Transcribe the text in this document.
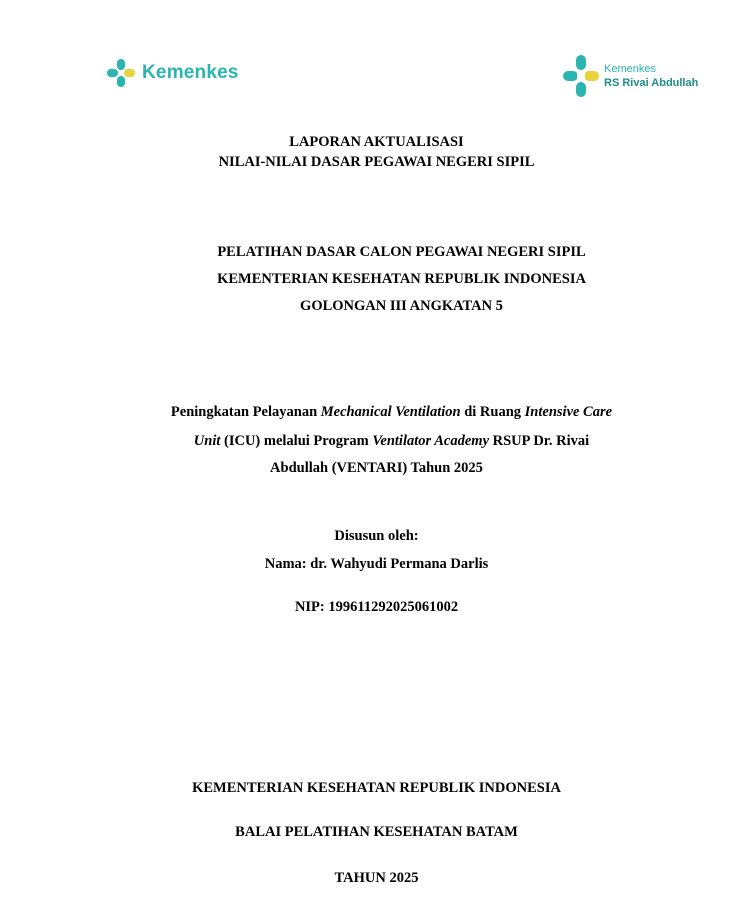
Kemenkes	Kemenkes
RS Rivai Abdullah
LAPORAN AKTUALISASI
NILAI-NILAI DASAR PEGAWAI NEGERI SIPIL
PELATIHAN DASAR CALON PEGAWAI NEGERI SIPIL
KEMENTERIAN KESEHATAN REPUBLIK INDONESIA
GOLONGAN III ANGKATAN 5
Peningkatan Pelayanan Mechanical Ventilation di Ruang Intensive Care
Unit (ICU) melalui Program Ventilator Academy RSUP Dr. Rivai
Abdullah (VENTARI) Tahun 2025
Disusun oleh:
Nama: dr. Wahyudi Permana Darlis
NIP: 199611292025061002
KEMENTERIAN KESEHATAN REPUBLIK INDONESIA
BALAI PELATIHAN KESEHATAN BATAM
TAHUN 2025
